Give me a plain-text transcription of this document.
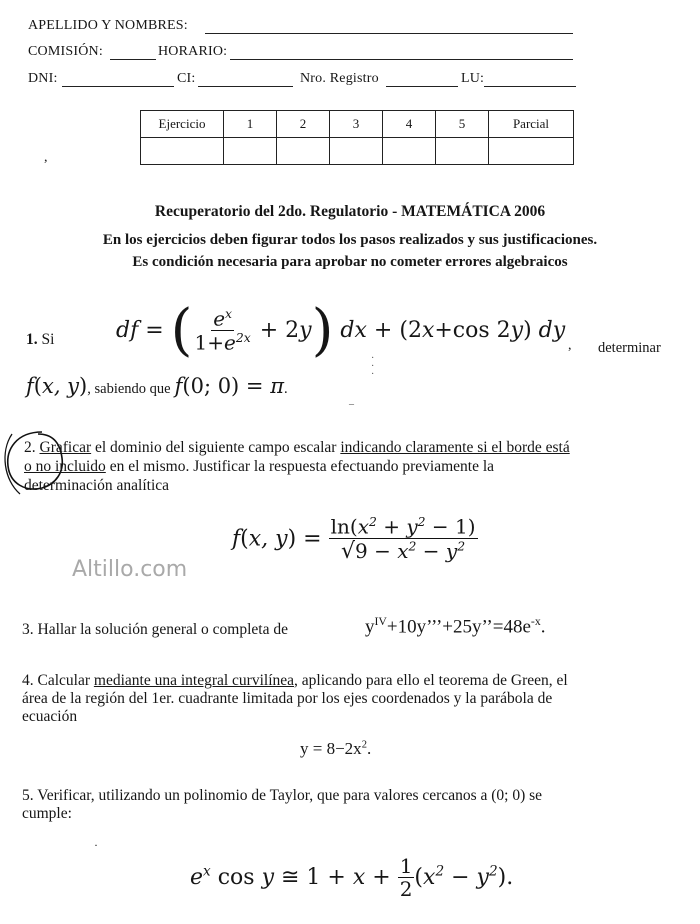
APELLIDO Y NOMBRES:
COMISIÓN:	HORARIO:
DNI:	CI:	Nro. Registro	LU:
Ejercicio	1	2	3	4	5	Parcial

,
Recuperatorio del 2do. Regulatorio - MATEMÁTICA 2006
En los ejercicios deben figurar todos los pasos realizados y sus justificaciones.
Es condición necesaria para aprobar no cometer errores algebraicos
1. Si	df = ( $\frac{e^x}{1+e^{2x}} + 2y$) dx + (2x+cos 2y) dy
, determinar
f(x, y), sabiendo que f(0; 0) = π.
·
·
·
–
2. Graficar el dominio del siguiente campo escalar indicando claramente si el borde está
o no incluido en el mismo. Justificar la respuesta efectuando previamente la
determinación analítica
f(x, $y) = \frac{\ln(x^2 + y^2 - 1)}{√9 - x^2 - y^2}$
Altillo.com
3. Hallar la solución general o completa de	$y^{IV}+10y’’’+25y’’=48e^{-x}$.
4. Calcular mediante una integral curvilínea, aplicando para ello el teorema de Green, el
área de la región del 1er. cuadrante limitada por los ejes coordenados y la parábola de
ecuación
$y = 8-2x^2$.
5. Verificar, utilizando un polinomio de Taylor, que para valores cercanos a (0; 0) se
cumple:
·
$e^x$ cos y ≅ $1 + x + \frac{1}{2} (x^2 - y^2)$.
